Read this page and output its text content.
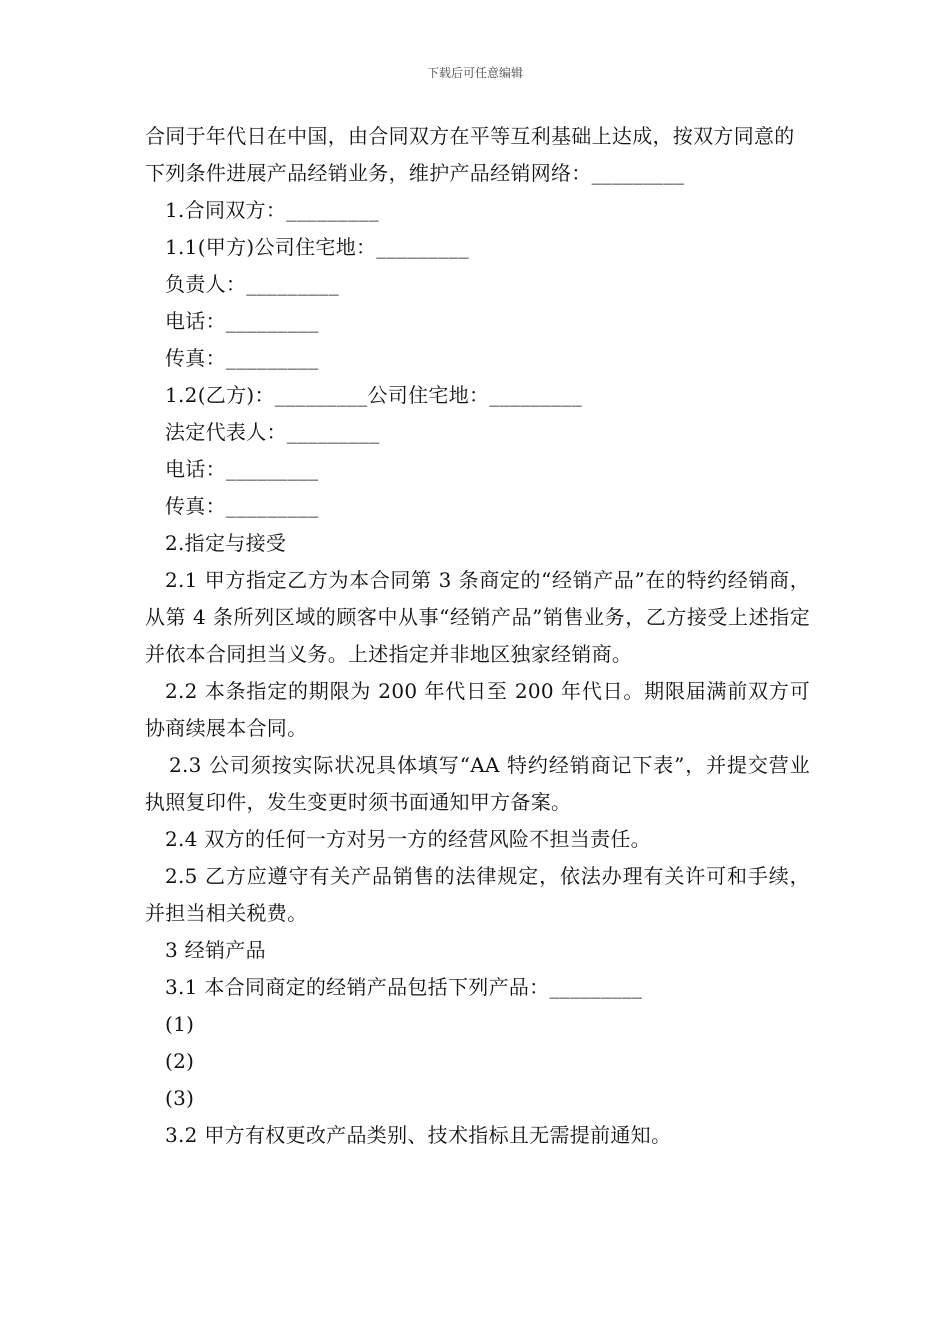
下载后可任意编辑

合同于年代日在中国，由合同双方在平等互利基础上达成，按双方同意的下列条件进展产品经销业务，维护产品经销网络：_________

1.合同双方：_________

1.1(甲方)公司住宅地：_________

负责人：_________

电话：_________

传真：_________

1.2(乙方)：_________公司住宅地：_________

法定代表人：_________

电话：_________

传真：_________

2.指定与接受

2.1 甲方指定乙方为本合同第 3 条商定的“经销产品”在的特约经销商，从第 4 条所列区域的顾客中从事“经销产品”销售业务，乙方接受上述指定并依本合同担当义务。上述指定并非地区独家经销商。

2.2 本条指定的期限为 200 年代日至 200 年代日。期限届满前双方可协商续展本合同。

2.3 公司须按实际状况具体填写“AA 特约经销商记下表”，并提交营业执照复印件，发生变更时须书面通知甲方备案。

2.4 双方的任何一方对另一方的经营风险不担当责任。

2.5 乙方应遵守有关产品销售的法律规定，依法办理有关许可和手续，并担当相关税费。

3 经销产品

3.1 本合同商定的经销产品包括下列产品：_________

(1)

(2)

(3)

3.2 甲方有权更改产品类别、技术指标且无需提前通知。
